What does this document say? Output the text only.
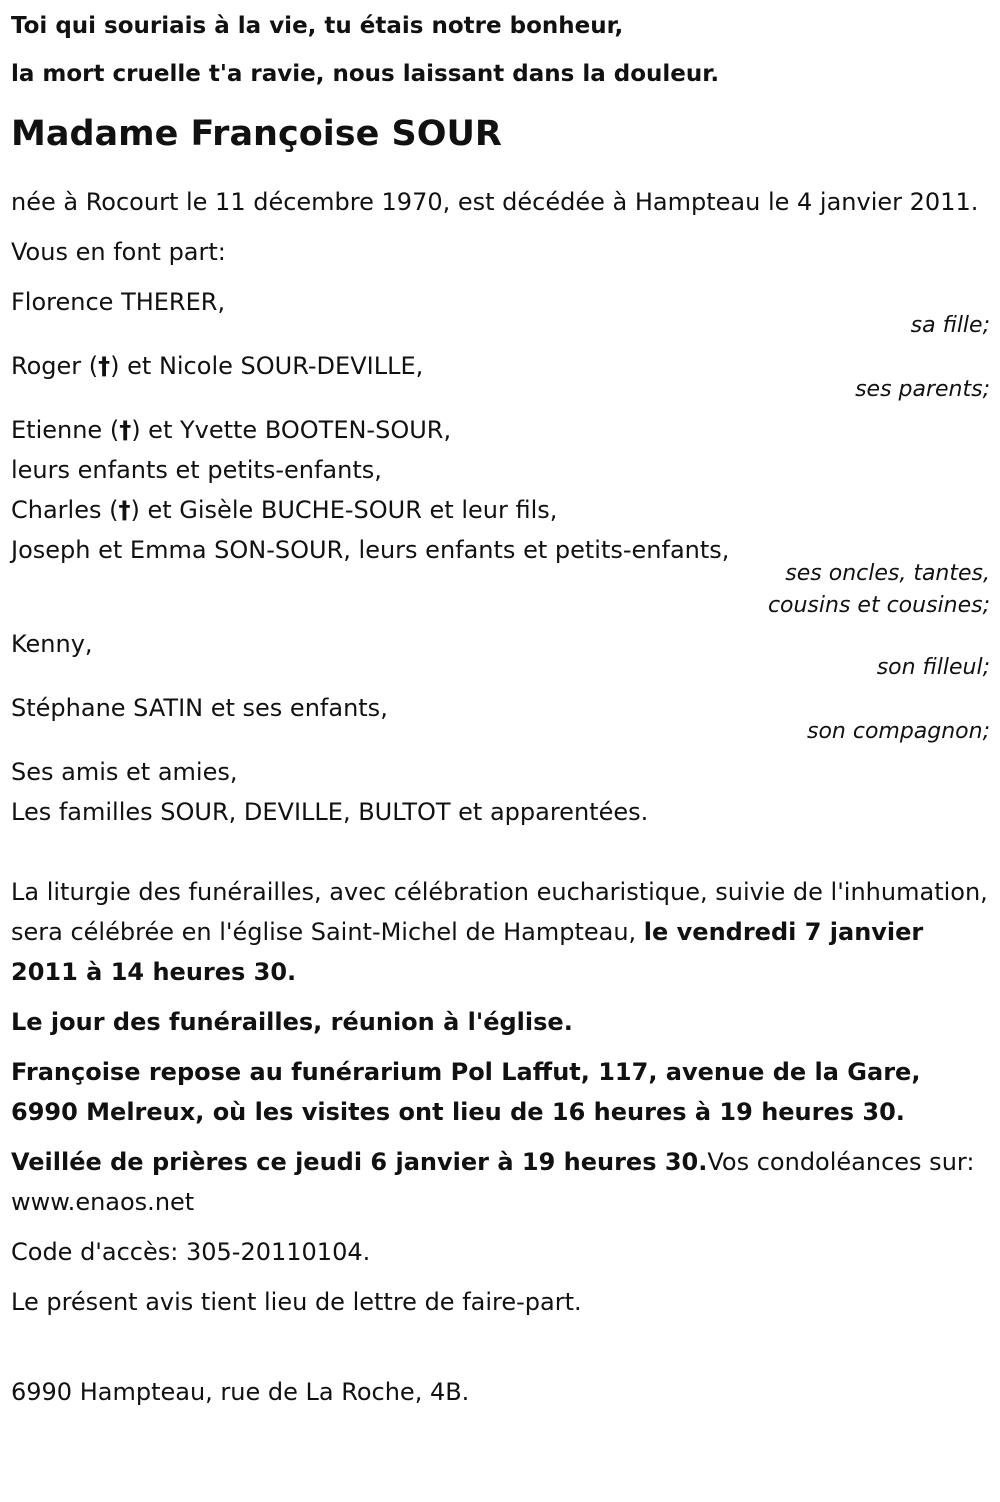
Toi qui souriais à la vie, tu étais notre bonheur,
la mort cruelle t'a ravie, nous laissant dans la douleur.
Madame Françoise SOUR
née à Rocourt le 11 décembre 1970, est décédée à Hampteau le 4 janvier 2011.
Vous en font part:
Florence THERER,
sa fille;
Roger (†) et Nicole SOUR-DEVILLE,
ses parents;
Etienne (†) et Yvette BOOTEN-SOUR,
leurs enfants et petits-enfants,
Charles (†) et Gisèle BUCHE-SOUR et leur fils,
Joseph et Emma SON-SOUR, leurs enfants et petits-enfants,
ses oncles, tantes,
cousins et cousines;
Kenny,
son filleul;
Stéphane SATIN et ses enfants,
son compagnon;
Ses amis et amies,
Les familles SOUR, DEVILLE, BULTOT et apparentées.
La liturgie des funérailles, avec célébration eucharistique, suivie de l'inhumation, sera célébrée en l'église Saint-Michel de Hampteau, le vendredi 7 janvier 2011 à 14 heures 30.
Le jour des funérailles, réunion à l'église.
Françoise repose au funérarium Pol Laffut, 117, avenue de la Gare, 6990 Melreux, où les visites ont lieu de 16 heures à 19 heures 30.
Veillée de prières ce jeudi 6 janvier à 19 heures 30.Vos condoléances sur: www.enaos.net
Code d'accès: 305-20110104.
Le présent avis tient lieu de lettre de faire-part.
6990 Hampteau, rue de La Roche, 4B.
